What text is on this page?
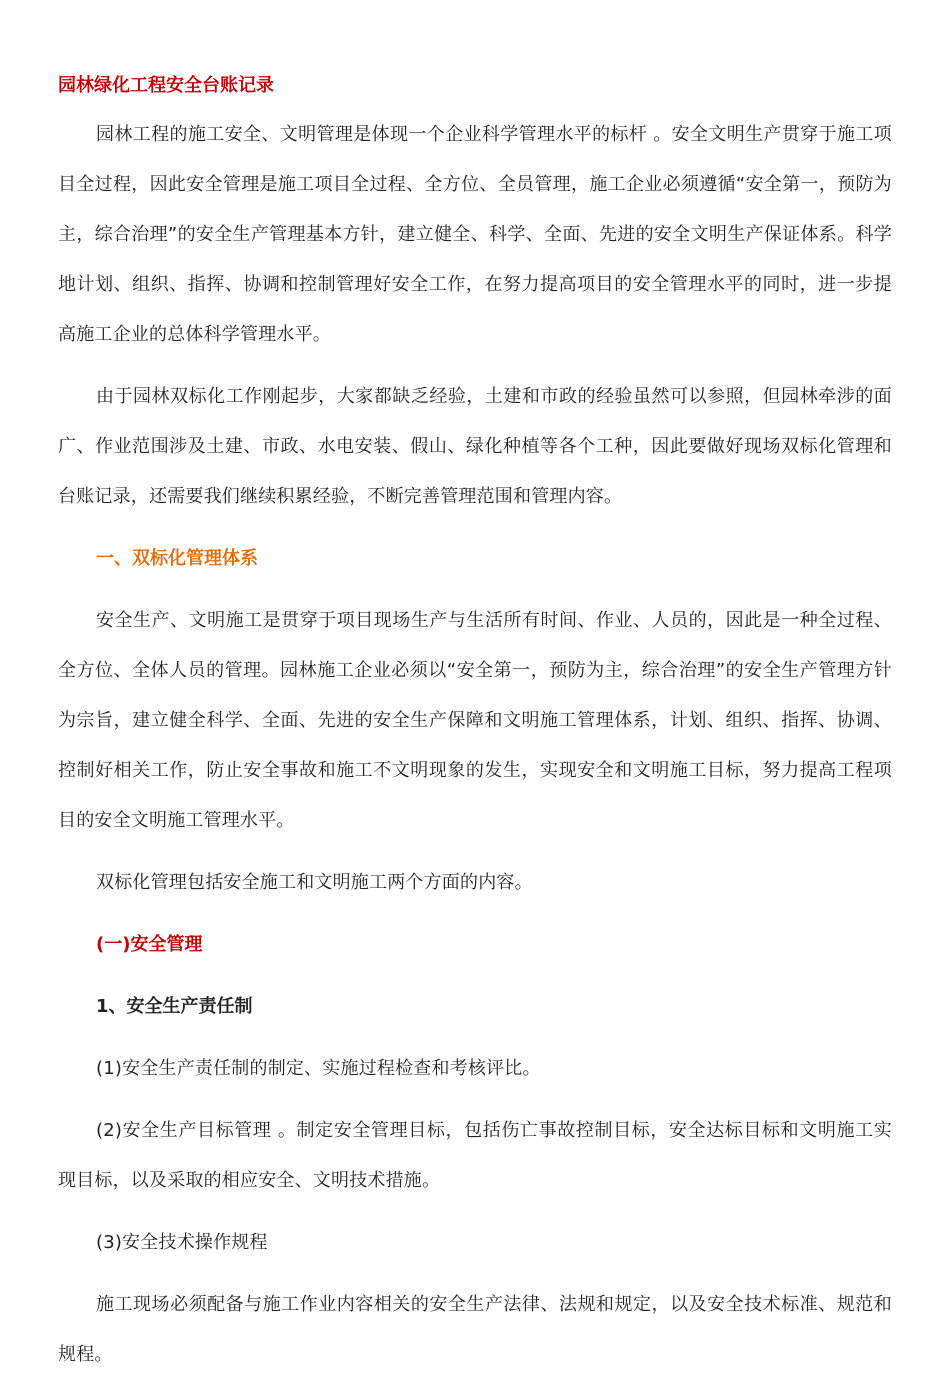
园林绿化工程安全台账记录

园林工程的施工安全、文明管理是体现一个企业科学管理水平的标杆 。安全文明生产贯穿于施工项目全过程，因此安全管理是施工项目全过程、全方位、全员管理，施工企业必须遵循“安全第一，预防为主，综合治理”的安全生产管理基本方针，建立健全、科学、全面、先进的安全文明生产保证体系。科学地计划、组织、指挥、协调和控制管理好安全工作，在努力提高项目的安全管理水平的同时，进一步提高施工企业的总体科学管理水平。

由于园林双标化工作刚起步，大家都缺乏经验，土建和市政的经验虽然可以参照，但园林牵涉的面广、作业范围涉及土建、市政、水电安装、假山、绿化种植等各个工种，因此要做好现场双标化管理和台账记录，还需要我们继续积累经验，不断完善管理范围和管理内容。

一、双标化管理体系

安全生产、文明施工是贯穿于项目现场生产与生活所有时间、作业、人员的，因此是一种全过程、全方位、全体人员的管理。园林施工企业必须以“安全第一，预防为主，综合治理”的安全生产管理方针为宗旨，建立健全科学、全面、先进的安全生产保障和文明施工管理体系，计划、组织、指挥、协调、控制好相关工作，防止安全事故和施工不文明现象的发生，实现安全和文明施工目标，努力提高工程项目的安全文明施工管理水平。

双标化管理包括安全施工和文明施工两个方面的内容。

(一)安全管理
1、安全生产责任制

(1)安全生产责任制的制定、实施过程检查和考核评比。

(2)安全生产目标管理 。制定安全管理目标，包括伤亡事故控制目标，安全达标目标和文明施工实现目标，以及采取的相应安全、文明技术措施。

(3)安全技术操作规程

施工现场必须配备与施工作业内容相关的安全生产法律、法规和规定，以及安全技术标准、规范和规程。
